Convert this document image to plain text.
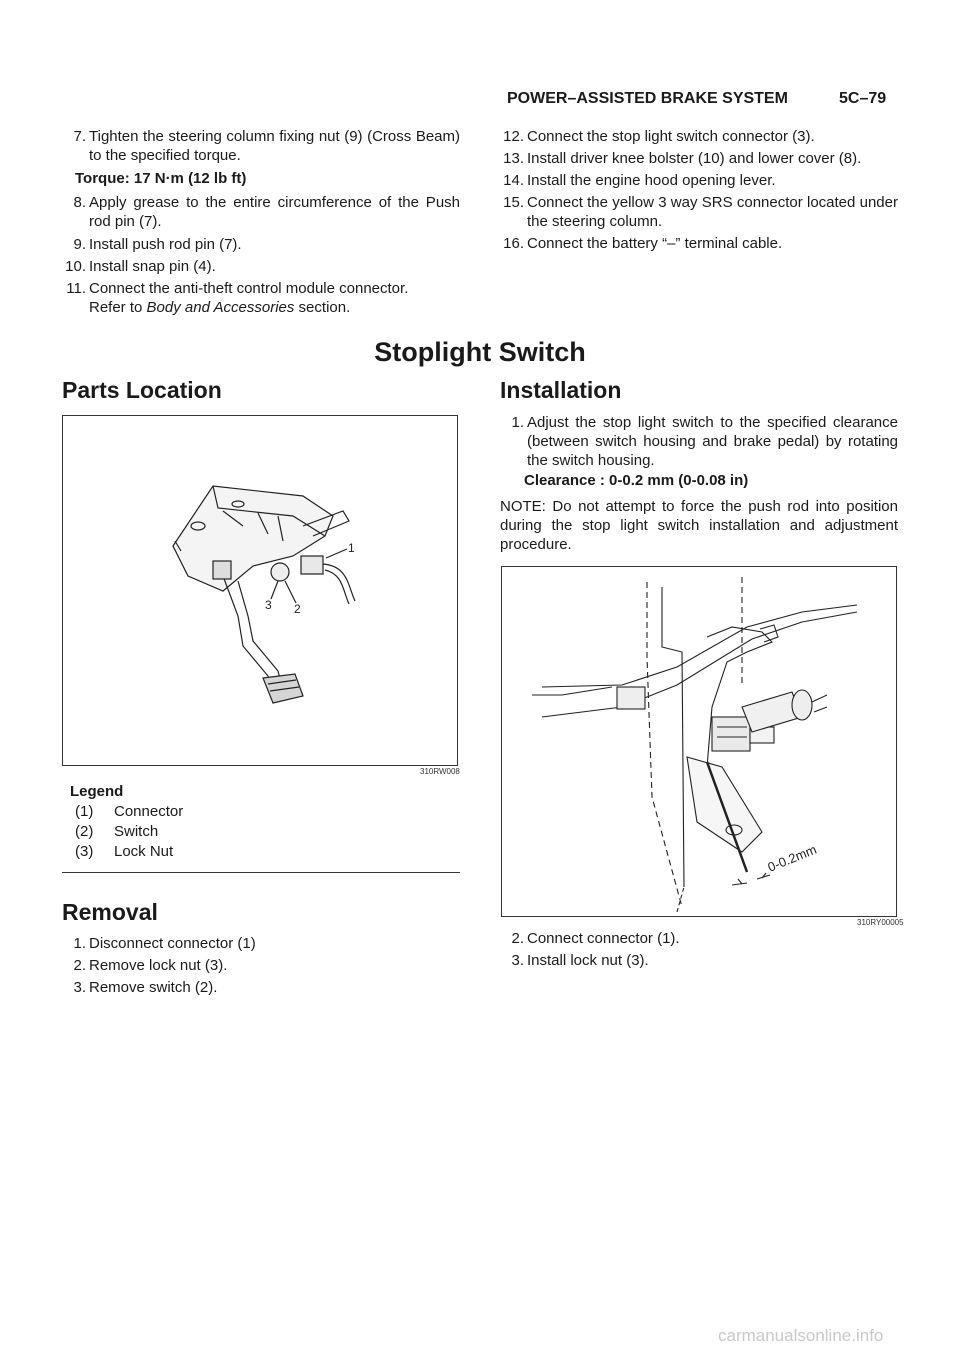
POWER–ASSISTED BRAKE SYSTEM	5C–79
7. Tighten the steering column fixing nut (9) (Cross Beam) to the specified torque.
Torque: 17 N·m (12 lb ft)
8. Apply grease to the entire circumference of the Push rod pin (7).
9. Install push rod pin (7).
10. Install snap pin (4).
11. Connect the anti-theft control module connector.
Refer to Body and Accessories section.
12. Connect the stop light switch connector (3).
13. Install driver knee bolster (10) and lower cover (8).
14. Install the engine hood opening lever.
15. Connect the yellow 3 way SRS connector located under the steering column.
16. Connect the battery “–” terminal cable.
Stoplight Switch
Parts Location
1
2
3
310RW008
Legend
(1) Connector
(2) Switch
(3) Lock Nut
Removal
1. Disconnect connector (1)
2. Remove lock nut (3).
3. Remove switch (2).
Installation
1. Adjust the stop light switch to the specified clearance (between switch housing and brake pedal) by rotating the switch housing.
Clearance : 0-0.2 mm (0-0.08 in)
NOTE: Do not attempt to force the push rod into position during the stop light switch installation and adjustment procedure.
0-0.2mm
310RY00005
2. Connect connector (1).
3. Install lock nut (3).
carmanualsonline.info
